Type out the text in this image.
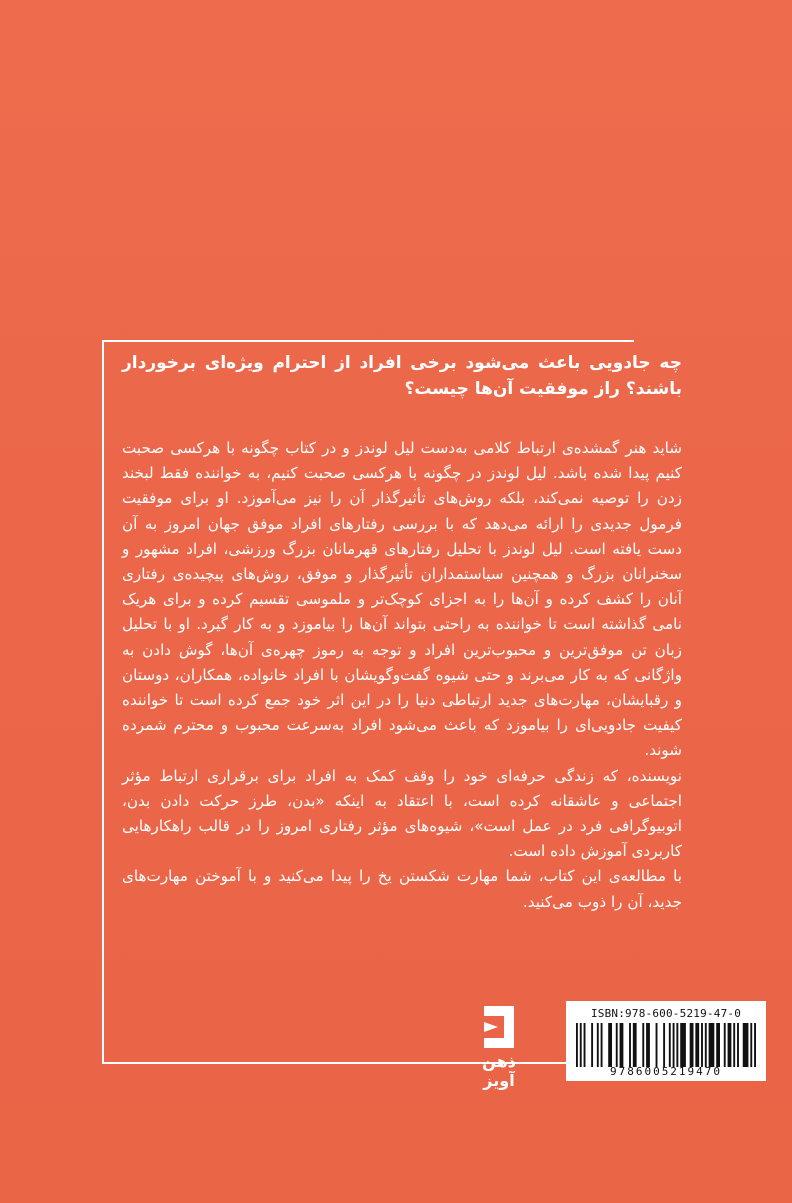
چه جادویی باعث می‌شود برخی افراد از احترام ویژه‌ای برخوردار باشند؟ راز موفقیت آن‌ها چیست؟

شاید هنر گمشده‌ی ارتباط کلامی به‌دست لیل لوندز و در کتاب چگونه با هرکسی صحبت کنیم پیدا شده باشد. لیل لوندز در چگونه با هرکسی صحبت کنیم، به خواننده فقط لبخند زدن را توصیه نمی‌کند، بلکه روش‌های تأثیرگذار آن را نیز می‌آموزد. او برای موفقیت فرمول جدیدی را ارائه می‌دهد که با بررسی رفتارهای افراد موفق جهان امروز به آن دست یافته است. لیل لوندز با تحلیل رفتارهای قهرمانان بزرگ ورزشی، افراد مشهور و سخنرانان بزرگ و همچنین سیاستمداران تأثیرگذار و موفق، روش‌های پیچیده‌ی رفتاری آنان را کشف کرده و آن‌ها را به اجزای کوچک‌تر و ملموسی تقسیم کرده و برای هریک نامی گذاشته است تا خواننده به راحتی بتواند آن‌ها را بیاموزد و به کار گیرد. او با تحلیل زبان تن موفق‌ترین و محبوب‌ترین افراد و توجه به رموز چهره‌ی آن‌ها، گوش دادن به واژگانی که به کار می‌برند و حتی شیوه گفت‌وگویشان با افراد خانواده، همکاران، دوستان و رقبایشان، مهارت‌های جدید ارتباطی دنیا را در این اثر خود جمع کرده است تا خواننده کیفیت جادویی‌ای را بیاموزد که باعث می‌شود افراد به‌سرعت محبوب و محترم شمرده شوند.

نویسنده، که زندگی حرفه‌ای خود را وقف کمک به افراد برای برقراری ارتباط مؤثر اجتماعی و عاشقانه کرده است، با اعتقاد به اینکه «بدن، طرز حرکت دادن بدن، اتوبیوگرافی فرد در عمل است»، شیوه‌های مؤثر رفتاری امروز را در قالب راهکارهایی کاربردی آموزش داده است.

با مطالعه‌ی این کتاب، شما مهارت شکستن یخ را پیدا می‌کنید و با آموختن مهارت‌های جدید، آن را ذوب می‌کنید.

ذهن آویز
ISBN:978-600-5219-47-0
9786005219470
